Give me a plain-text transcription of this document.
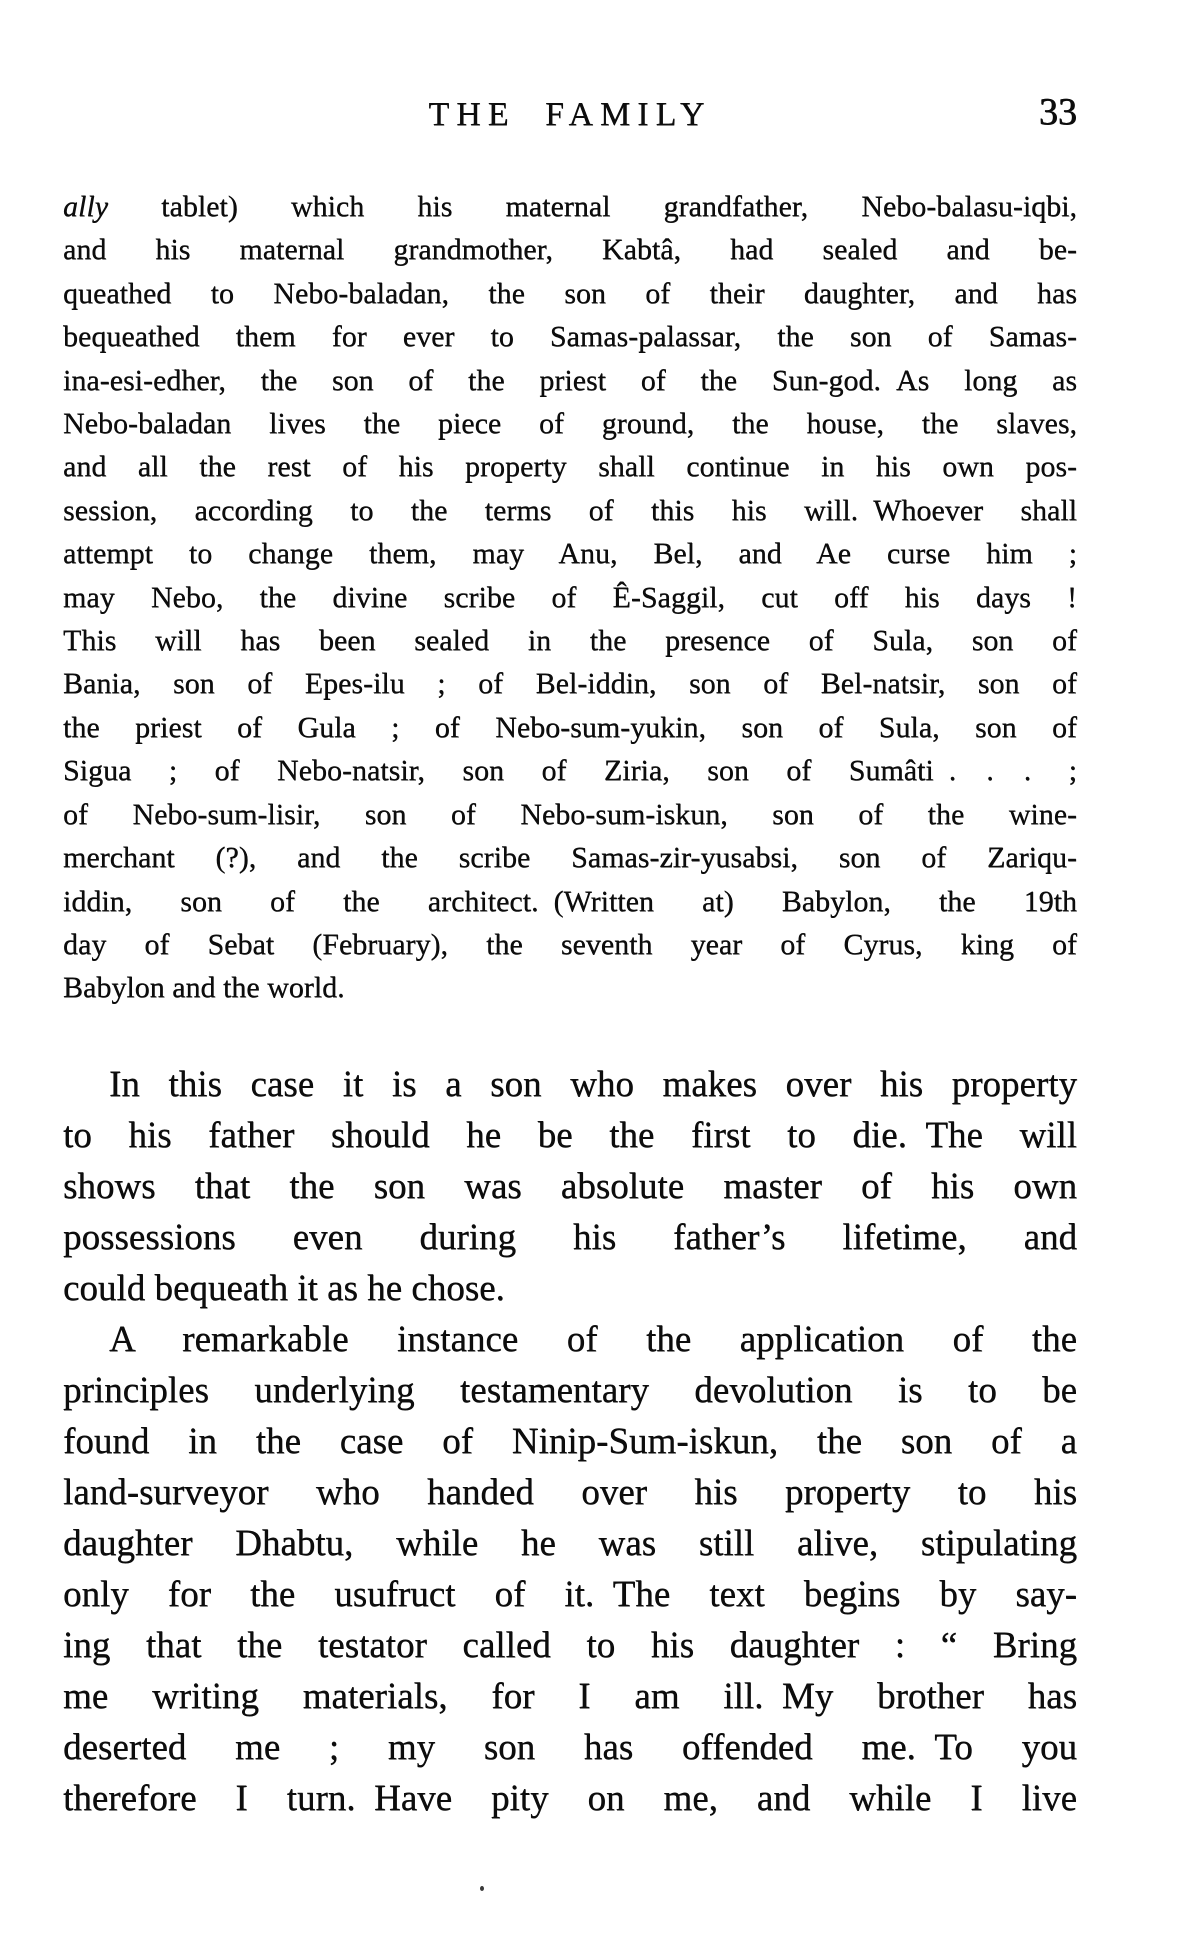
THE FAMILY	33
ally tablet) which his maternal grandfather, Nebo-balasu-iqbi,
and his maternal grandmother, Kabtâ, had sealed and be-
queathed to Nebo-baladan, the son of their daughter, and has
bequeathed them for ever to Samas-palassar, the son of Samas-
ina-esi-edher, the son of the priest of the Sun-god. As long as
Nebo-baladan lives the piece of ground, the house, the slaves,
and all the rest of his property shall continue in his own pos-
session, according to the terms of this his will. Whoever shall
attempt to change them, may Anu, Bel, and Ae curse him ;
may Nebo, the divine scribe of Ê-Saggil, cut off his days !
This will has been sealed in the presence of Sula, son of
Bania, son of Epes-ilu ; of Bel-iddin, son of Bel-natsir, son of
the priest of Gula ; of Nebo-sum-yukin, son of Sula, son of
Sigua ; of Nebo-natsir, son of Ziria, son of Sumâti .  .  . ;
of Nebo-sum-lisir, son of Nebo-sum-iskun, son of the wine-
merchant (?), and the scribe Samas-zir-yusabsi, son of Zariqu-
iddin, son of the architect. (Written at) Babylon, the 19th
day of Sebat (February), the seventh year of Cyrus, king of
Babylon and the world.
In this case it is a son who makes over his property
to his father should he be the first to die. The will
shows that the son was absolute master of his own
possessions even during his father’s lifetime, and
could bequeath it as he chose.
A remarkable instance of the application of the
principles underlying testamentary devolution is to be
found in the case of Ninip-Sum-iskun, the son of a
land-surveyor who handed over his property to his
daughter Dhabtu, while he was still alive, stipulating
only for the usufruct of it. The text begins by say-
ing that the testator called to his daughter : “ Bring
me writing materials, for I am ill. My brother has
deserted me ; my son has offended me. To you
therefore I turn. Have pity on me, and while I live
